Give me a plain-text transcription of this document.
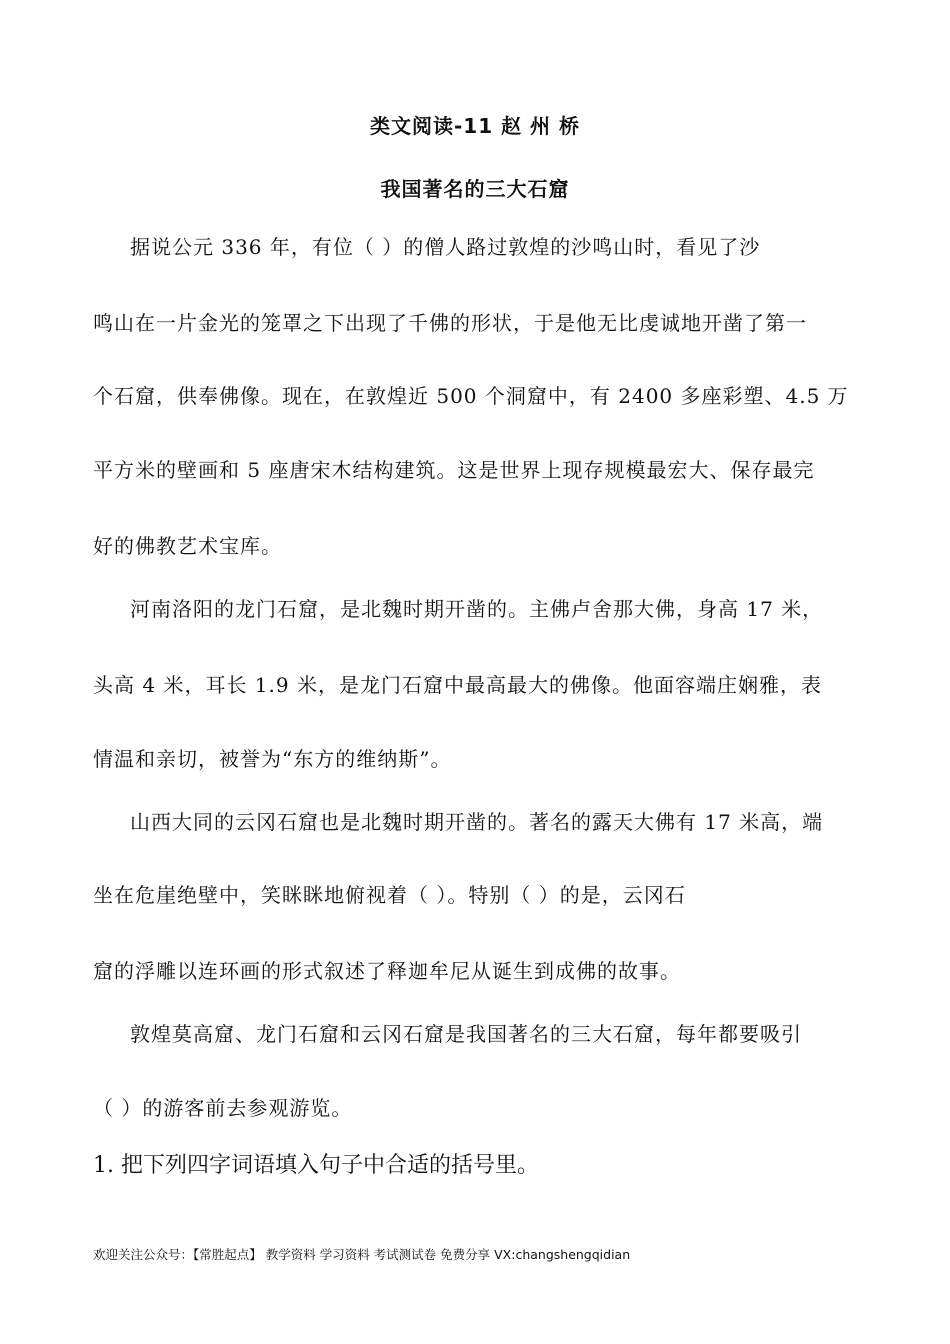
类文阅读-11 赵 州 桥
我国著名的三大石窟
据说公元 336 年，有位（ ）的僧人路过敦煌的沙鸣山时，看见了沙
鸣山在一片金光的笼罩之下出现了千佛的形状，于是他无比虔诚地开凿了第一
个石窟，供奉佛像。现在，在敦煌近 500 个洞窟中，有 2400 多座彩塑、4.5 万
平方米的壁画和 5 座唐宋木结构建筑。这是世界上现存规模最宏大、保存最完
好的佛教艺术宝库。
河南洛阳的龙门石窟，是北魏时期开凿的。主佛卢舍那大佛，身高 17 米，
头高 4 米，耳长 1.9 米，是龙门石窟中最高最大的佛像。他面容端庄娴雅，表
情温和亲切，被誉为“东方的维纳斯”。
山西大同的云冈石窟也是北魏时期开凿的。著名的露天大佛有 17 米高，端
坐在危崖绝壁中，笑眯眯地俯视着（ ）。特别（ ）的是，云冈石
窟的浮雕以连环画的形式叙述了释迦牟尼从诞生到成佛的故事。
敦煌莫高窟、龙门石窟和云冈石窟是我国著名的三大石窟，每年都要吸引
（ ）的游客前去参观游览。
1. 把下列四字词语填入句子中合适的括号里。
欢迎关注公众号：【常胜起点】 教学资料 学习资料 考试测试卷 免费分享 VX:changshengqidian
